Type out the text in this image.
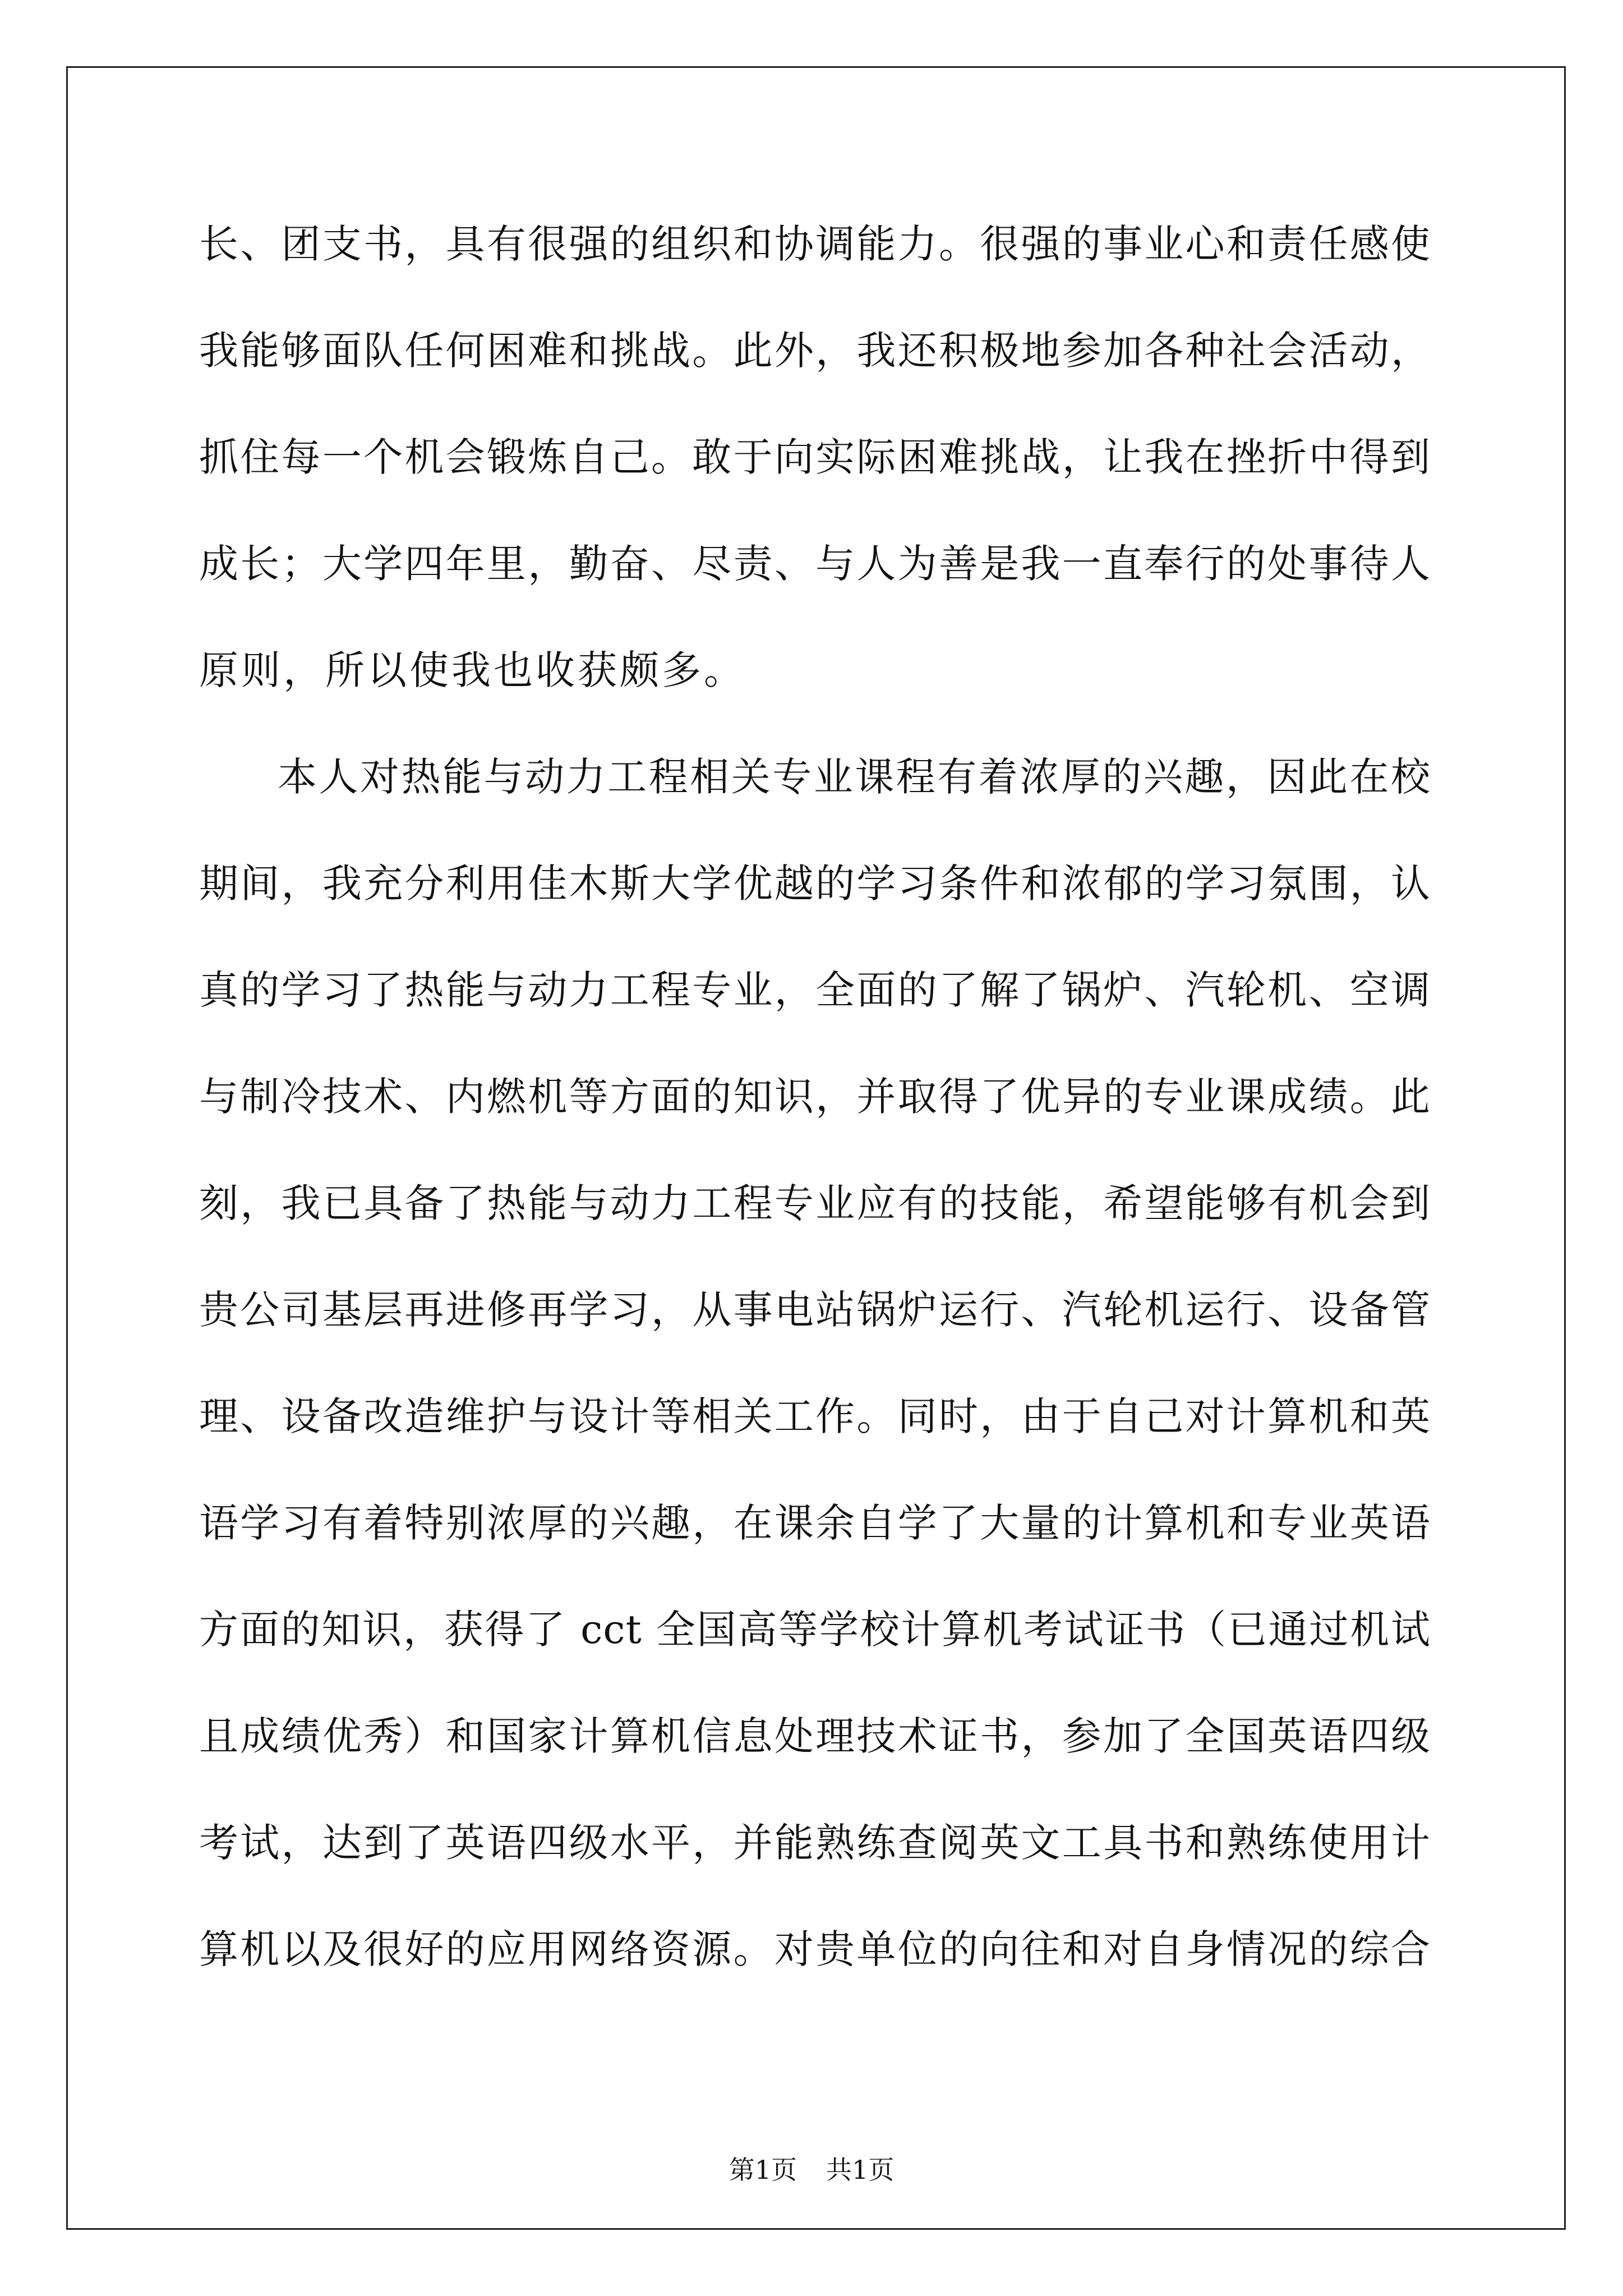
长、团支书，具有很强的组织和协调能力。很强的事业心和责任感使
我能够面队任何困难和挑战。此外，我还积极地参加各种社会活动，
抓住每一个机会锻炼自己。敢于向实际困难挑战，让我在挫折中得到
成长；大学四年里，勤奋、尽责、与人为善是我一直奉行的处事待人
原则，所以使我也收获颇多。
本人对热能与动力工程相关专业课程有着浓厚的兴趣，因此在校
期间，我充分利用佳木斯大学优越的学习条件和浓郁的学习氛围，认
真的学习了热能与动力工程专业，全面的了解了锅炉、汽轮机、空调
与制冷技术、内燃机等方面的知识，并取得了优异的专业课成绩。此
刻，我已具备了热能与动力工程专业应有的技能，希望能够有机会到
贵公司基层再进修再学习，从事电站锅炉运行、汽轮机运行、设备管
理、设备改造维护与设计等相关工作。同时，由于自己对计算机和英
语学习有着特别浓厚的兴趣，在课余自学了大量的计算机和专业英语
方面的知识，获得了 cct 全国高等学校计算机考试证书（已通过机试
且成绩优秀）和国家计算机信息处理技术证书，参加了全国英语四级
考试，达到了英语四级水平，并能熟练查阅英文工具书和熟练使用计
算机以及很好的应用网络资源。对贵单位的向往和对自身情况的综合
第1页 共1页
